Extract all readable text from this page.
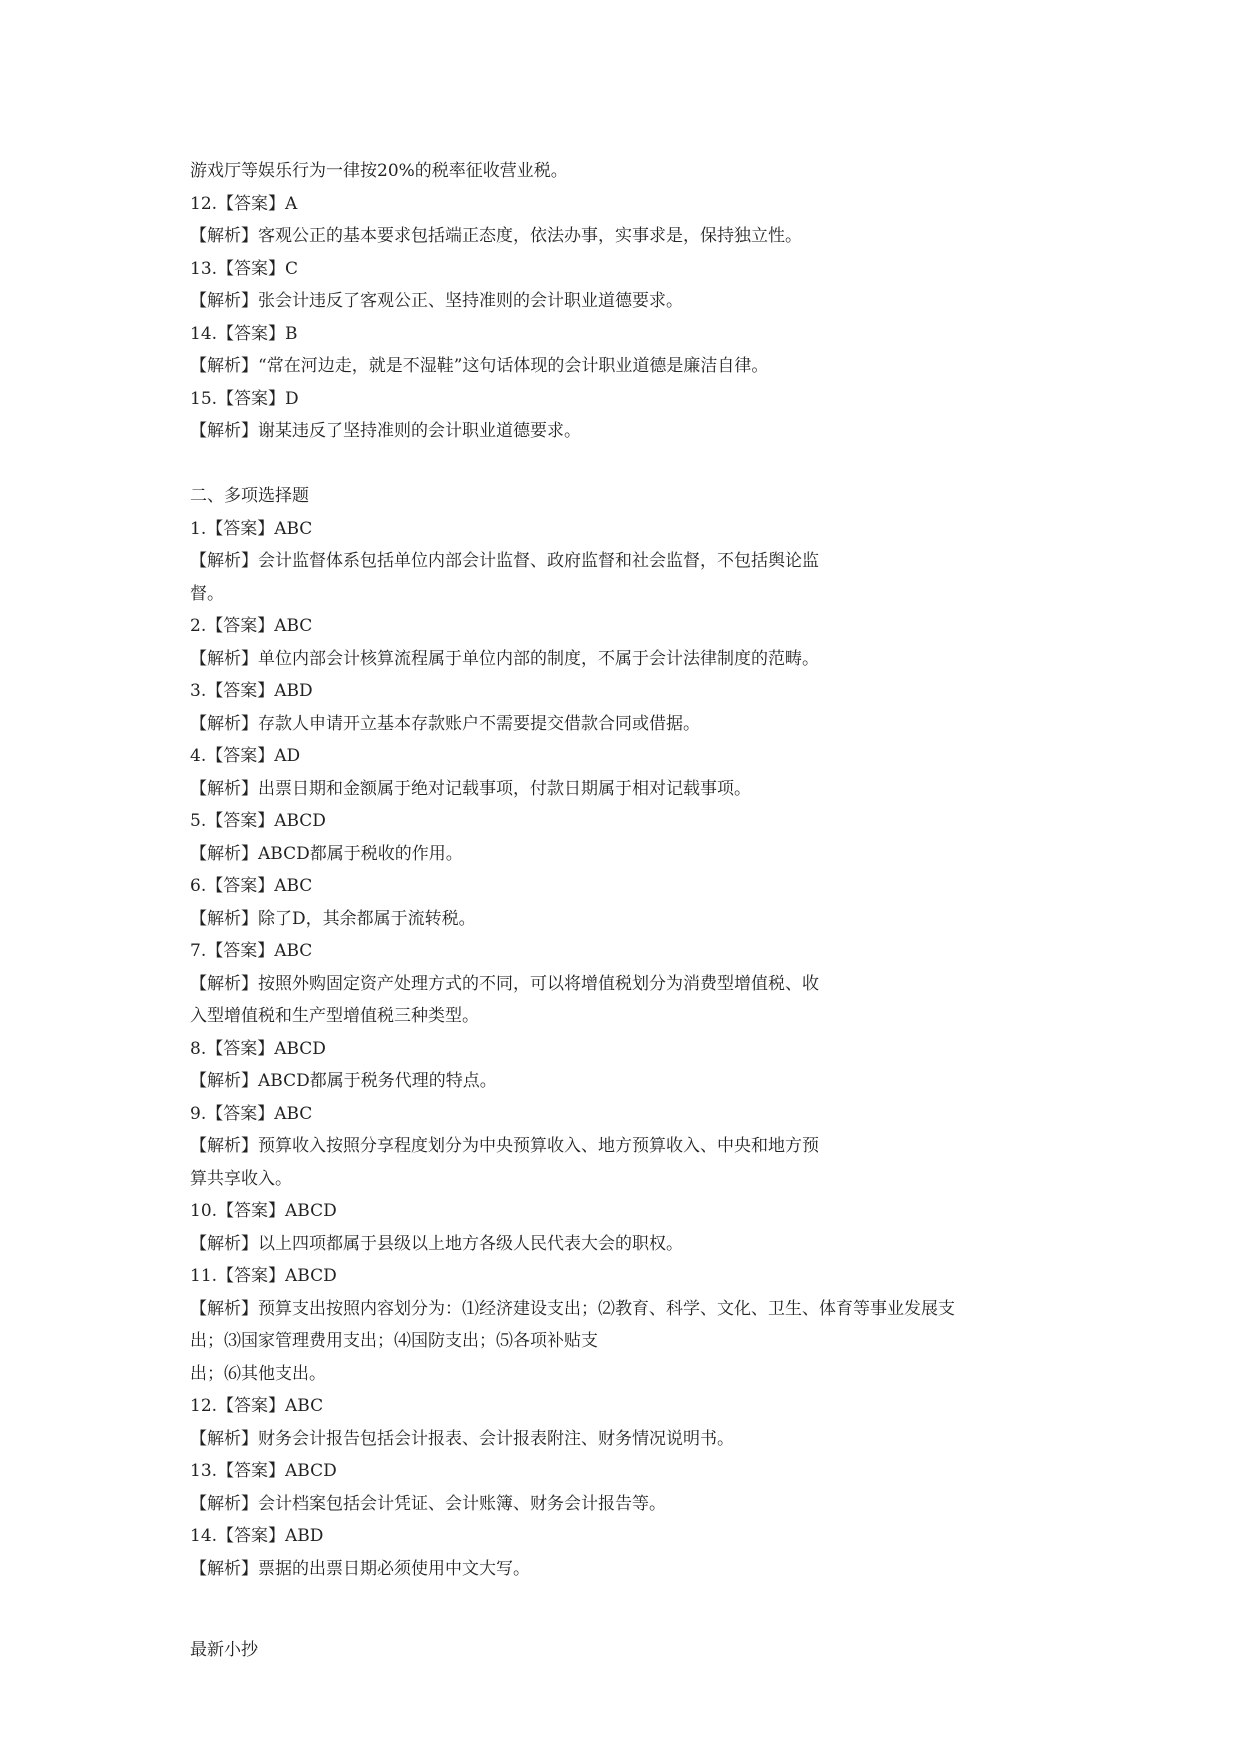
游戏厅等娱乐行为一律按20%的税率征收营业税。
12.【答案】A
【解析】客观公正的基本要求包括端正态度，依法办事，实事求是，保持独立性。
13.【答案】C
【解析】张会计违反了客观公正、坚持准则的会计职业道德要求。
14.【答案】B
【解析】“常在河边走，就是不湿鞋”这句话体现的会计职业道德是廉洁自律。
15.【答案】D
【解析】谢某违反了坚持准则的会计职业道德要求。
二、多项选择题
1.【答案】ABC
【解析】会计监督体系包括单位内部会计监督、政府监督和社会监督，不包括舆论监
督。
2.【答案】ABC
【解析】单位内部会计核算流程属于单位内部的制度，不属于会计法律制度的范畴。
3.【答案】ABD
【解析】存款人申请开立基本存款账户不需要提交借款合同或借据。
4.【答案】AD
【解析】出票日期和金额属于绝对记载事项，付款日期属于相对记载事项。
5.【答案】ABCD
【解析】ABCD都属于税收的作用。
6.【答案】ABC
【解析】除了D，其余都属于流转税。
7.【答案】ABC
【解析】按照外购固定资产处理方式的不同，可以将增值税划分为消费型增值税、收
入型增值税和生产型增值税三种类型。
8.【答案】ABCD
【解析】ABCD都属于税务代理的特点。
9.【答案】ABC
【解析】预算收入按照分享程度划分为中央预算收入、地方预算收入、中央和地方预
算共享收入。
10.【答案】ABCD
【解析】以上四项都属于县级以上地方各级人民代表大会的职权。
11.【答案】ABCD
【解析】预算支出按照内容划分为：⑴经济建设支出；⑵教育、科学、文化、卫生、体育等事业发展支
出；⑶国家管理费用支出；⑷国防支出；⑸各项补贴支
出；⑹其他支出。
12.【答案】ABC
【解析】财务会计报告包括会计报表、会计报表附注、财务情况说明书。
13.【答案】ABCD
【解析】会计档案包括会计凭证、会计账簿、财务会计报告等。
14.【答案】ABD
【解析】票据的出票日期必须使用中文大写。
最新小抄
